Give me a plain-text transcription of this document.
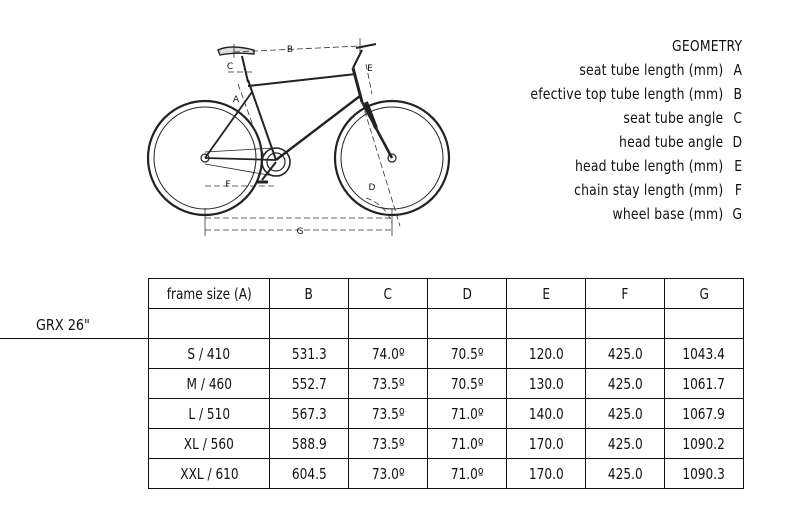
B
C
A
E
F	D
G
GEOMETRY
seat tube length (mm) A
efective top tube length (mm) B
seat tube angle C
head tube angle D
head tube length (mm) E
chain stay length (mm) F
wheel base (mm) G
GRX 26"
frame size (A)	B	C	D	E	F	G

S / 410	531.3	74.0º	70.5º	120.0	425.0	1043.4
M / 460	552.7	73.5º	70.5º	130.0	425.0	1061.7
L / 510	567.3	73.5º	71.0º	140.0	425.0	1067.9
XL / 560	588.9	73.5º	71.0º	170.0	425.0	1090.2
XXL / 610	604.5	73.0º	71.0º	170.0	425.0	1090.3
